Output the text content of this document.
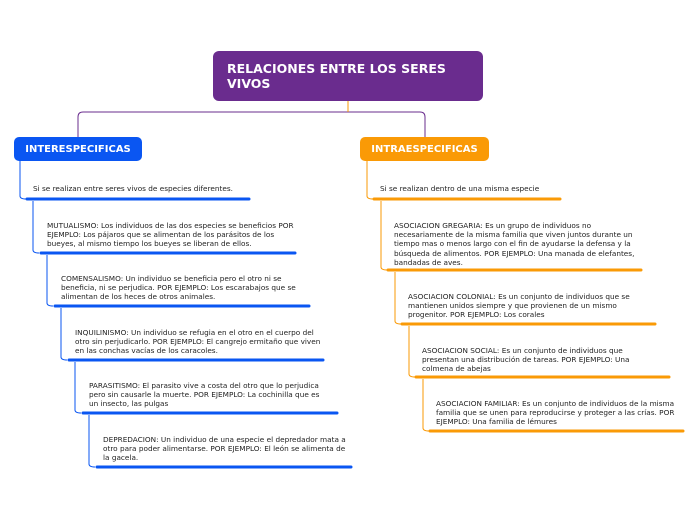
RELACIONES ENTRE LOS SERES VIVOS
INTERESPECIFICAS	INTRAESPECIFICAS
Si se realizan entre seres vivos de especies diferentes.
MUTUALISMO: Los individuos de las dos especies se beneficios POR EJEMPLO: Los pájaros que se alimentan de los parásitos de los bueyes, al mismo tiempo los bueyes se liberan de ellos.
COMENSALISMO: Un individuo se beneficia pero el otro ni se beneficia, ni se perjudica. POR EJEMPLO: Los escarabajos que se alimentan de los heces de otros animales.
INQUILINISMO: Un individuo se refugia en el otro en el cuerpo del otro sin perjudicarlo. POR EJEMPLO: El cangrejo ermitaño que viven en las conchas vacías de los caracoles.
PARASITISMO: El parasito vive a costa del otro que lo perjudica pero sin causarle la muerte. POR EJEMPLO: La cochinilla que es un insecto, las pulgas
DEPREDACION: Un individuo de una especie el depredador mata a otro para poder alimentarse. POR EJEMPLO: El león se alimenta de la gacela.
Si se realizan dentro de una misma especie
ASOCIACION GREGARIA: Es un grupo de individuos no necesariamente de la misma familia que viven juntos durante un tiempo mas o menos largo con el fin de ayudarse la defensa y la búsqueda de alimentos. POR EJEMPLO: Una manada de elefantes, bandadas de aves.
ASOCIACION COLONIAL: Es un conjunto de individuos que se mantienen unidos siempre y que provienen de un mismo progenitor. POR EJEMPLO: Los corales
ASOCIACION SOCIAL: Es un conjunto de individuos que presentan una distribución de tareas. POR EJEMPLO: Una colmena de abejas
ASOCIACION FAMILIAR: Es un conjunto de individuos de la misma familia que se unen para reproducirse y proteger a las crías. POR EJEMPLO: Una familia de lémures
